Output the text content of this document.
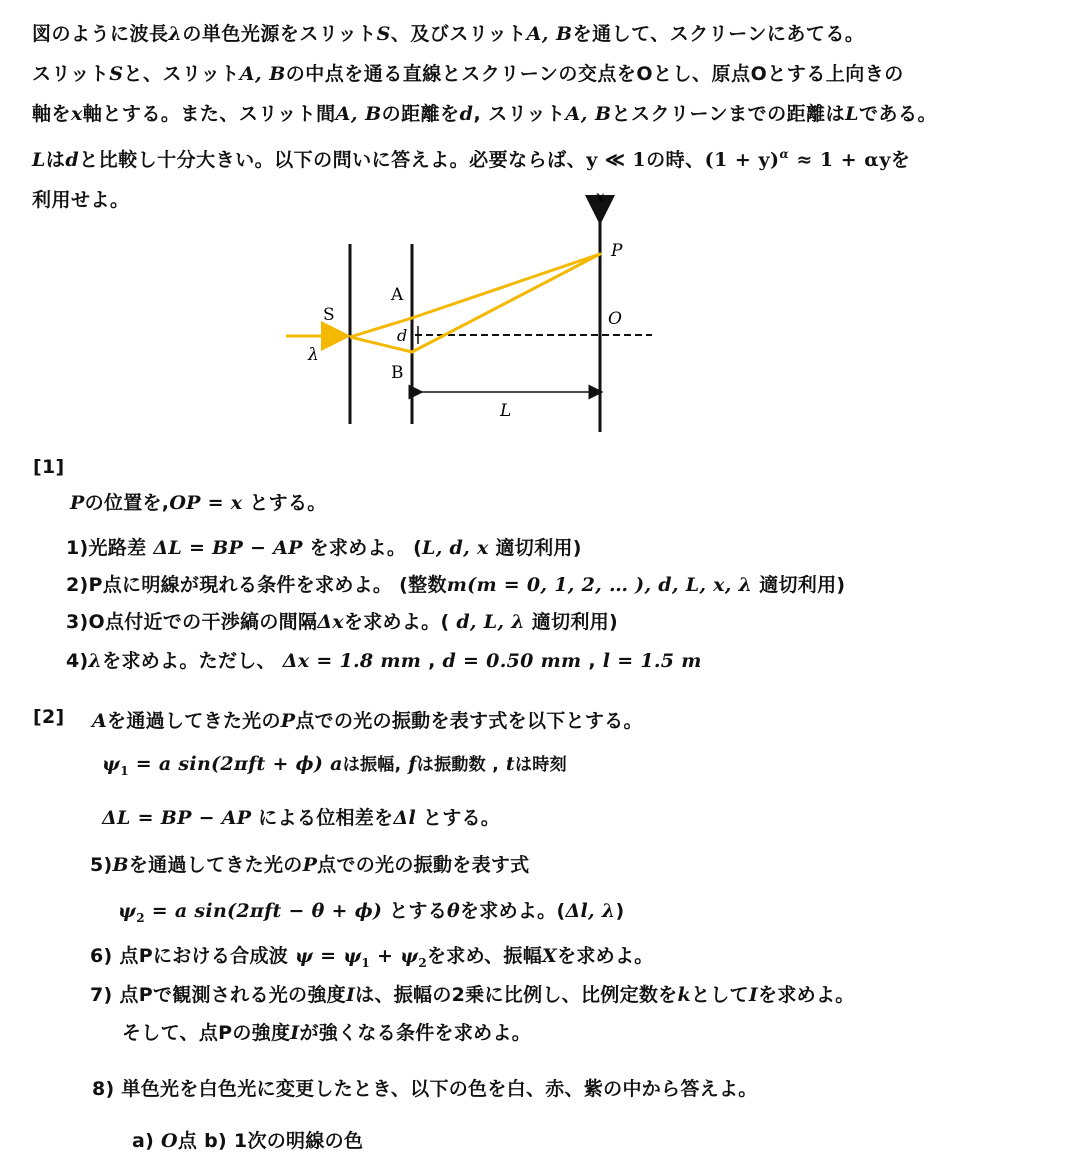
図のように波長λの単色光源をスリットS、及びスリットA, Bを通して、スクリーンにあてる。
スリットSと、スリットA, Bの中点を通る直線とスクリーンの交点をOとし、原点Oとする上向きの
軸をx軸とする。また、スリット間A, Bの距離をd, スリットA, Bとスクリーンまでの距離はLである。
Lはdと比較し十分大きい。以下の問いに答えよ。必要ならば、y ≪ 1の時、$(1 + y)^\alpha \approx 1 + \alpha y$を
利用せよ。	x
P
A
S
d
O
λ
B
L
[1]
Pの位置を,OP = x とする。
1)光路差 ΔL = BP − AP を求めよ。 (L, d, x 適切利用)
2)P点に明線が現れる条件を求めよ。 (整数m(m = 0, 1, 2, … ), d, L, x, λ 適切利用)
3)O点付近での干渉縞の間隔Δxを求めよ。( d, L, λ 適切利用)
4)λを求めよ。ただし、 Δx = 1.8 mm , d = 0.50 mm , l = 1.5 m
[2] Aを通過してきた光のP点での光の振動を表す式を以下とする。
$\psi_1 = a$ sin(2πft + ϕ) aは振幅, fは振動数 , tは時刻
ΔL = BP − AP による位相差をΔl とする。
5)Bを通過してきた光のP点での光の振動を表す式
$\psi_2 = a$ sin(2πft − θ + ϕ) とするθを求めよ。(Δl, λ)
6) 点Pにおける合成波 $\psi = \psi_1 + \psi_2$を求め、振幅Xを求めよ。
7) 点Pで観測される光の強度Iは、振幅の2乗に比例し、比例定数をkとしてIを求めよ。
そして、点Pの強度Iが強くなる条件を求めよ。
8) 単色光を白色光に変更したとき、以下の色を白、赤、紫の中から答えよ。
a) O点 b) 1次の明線の色
